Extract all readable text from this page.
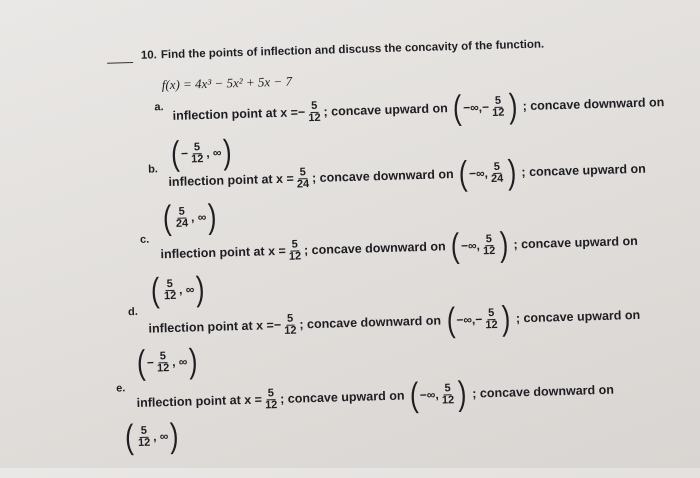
10. Find the points of inflection and discuss the concavity of the function.
f(x) = 4x³ − 5x² + 5x − 7
a. inflection point at x = − $\frac{5}{12}$ ; concave upward on ( −∞, − $\frac{5}{12}$ ) ; concave downward on
( − $\frac{5}{12}$ , ∞ )
b.
inflection point at $x = \frac{5}{24}$ ; concave downward on ( −∞, $\frac{5}{24}$ ) ; concave upward on
( $\frac{5}{24}$ , ∞ )
c.
inflection point at $x = \frac{5}{12}$ ; concave downward on ( −∞, $\frac{5}{12}$ ) ; concave upward on
( $\frac{5}{12}$ , ∞ )
d.
inflection point at x = − $\frac{5}{12}$ ; concave downward on ( −∞, − $\frac{5}{12}$ ) ; concave upward on
( − $\frac{5}{12}$ , ∞ )
e.
inflection point at $x = \frac{5}{12}$ ; concave upward on ( −∞, $\frac{5}{12}$ ) ; concave downward on
( $\frac{5}{12}$ , ∞ )
